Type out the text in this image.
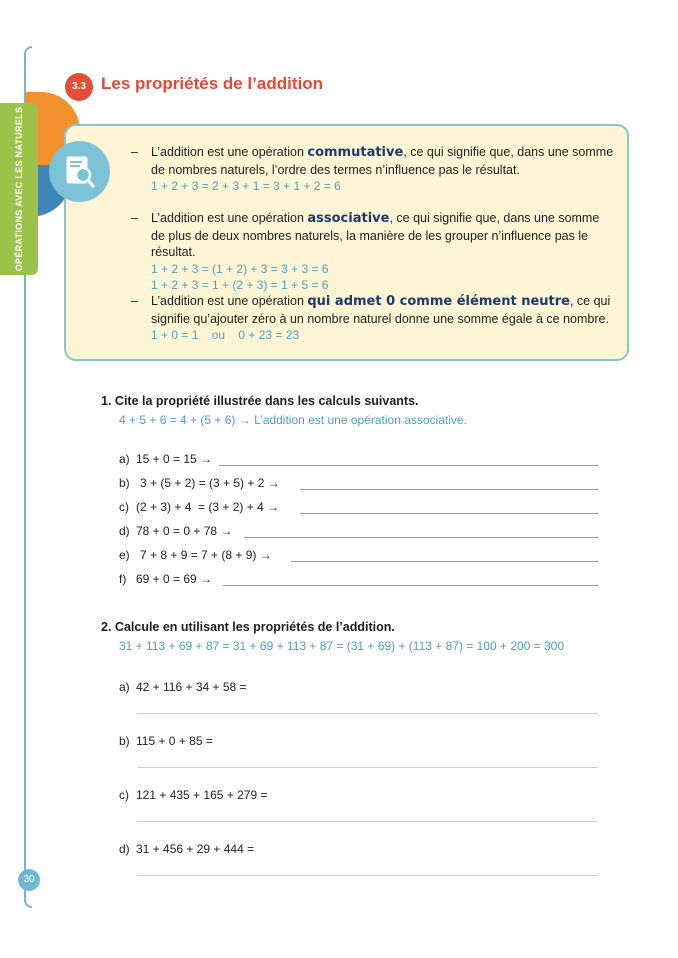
OPÉRATIONS AVEC LES NATURELS
30
3.3 Les propriétés de l’addition
– L’addition est une opération commutative, ce qui signifie que, dans une somme de nombres naturels, l’ordre des termes n’influence pas le résultat.
1 + 2 + 3 = 2 + 3 + 1 = 3 + 1 + 2 = 6
– L’addition est une opération associative, ce qui signifie que, dans une somme de plus de deux nombres naturels, la manière de les grouper n’influence pas le résultat.
1 + 2 + 3 = (1 + 2) + 3 = 3 + 3 = 6
1 + 2 + 3 = 1 + (2 + 3) = 1 + 5 = 6
– L’addition est une opération qui admet 0 comme élément neutre, ce qui signifie qu’ajouter zéro à un nombre naturel donne une somme égale à ce nombre.
1 + 0 = 1    ou    0 + 23 = 23
1. Cite la propriété illustrée dans les calculs suivants.
4 + 5 + 6 = 4 + (5 + 6) → L’addition est une opération associative.
a) 15 + 0 = 15 →
b) 3 + (5 + 2) = (3 + 5) + 2 →
c) (2 + 3) + 4  = (3 + 2) + 4 →
d) 78 + 0 = 0 + 78 →
e) 7 + 8 + 9 = 7 + (8 + 9) →
f) 69 + 0 = 69 →
2. Calcule en utilisant les propriétés de l’addition.
31 + 113 + 69 + 87 = 31 + 69 + 113 + 87 = (31 + 69) + (113 + 87) = 100 + 200 = 300
a) 42 + 116 + 34 + 58 =
b) 115 + 0 + 85 =
c) 121 + 435 + 165 + 279 =
d) 31 + 456 + 29 + 444 =
